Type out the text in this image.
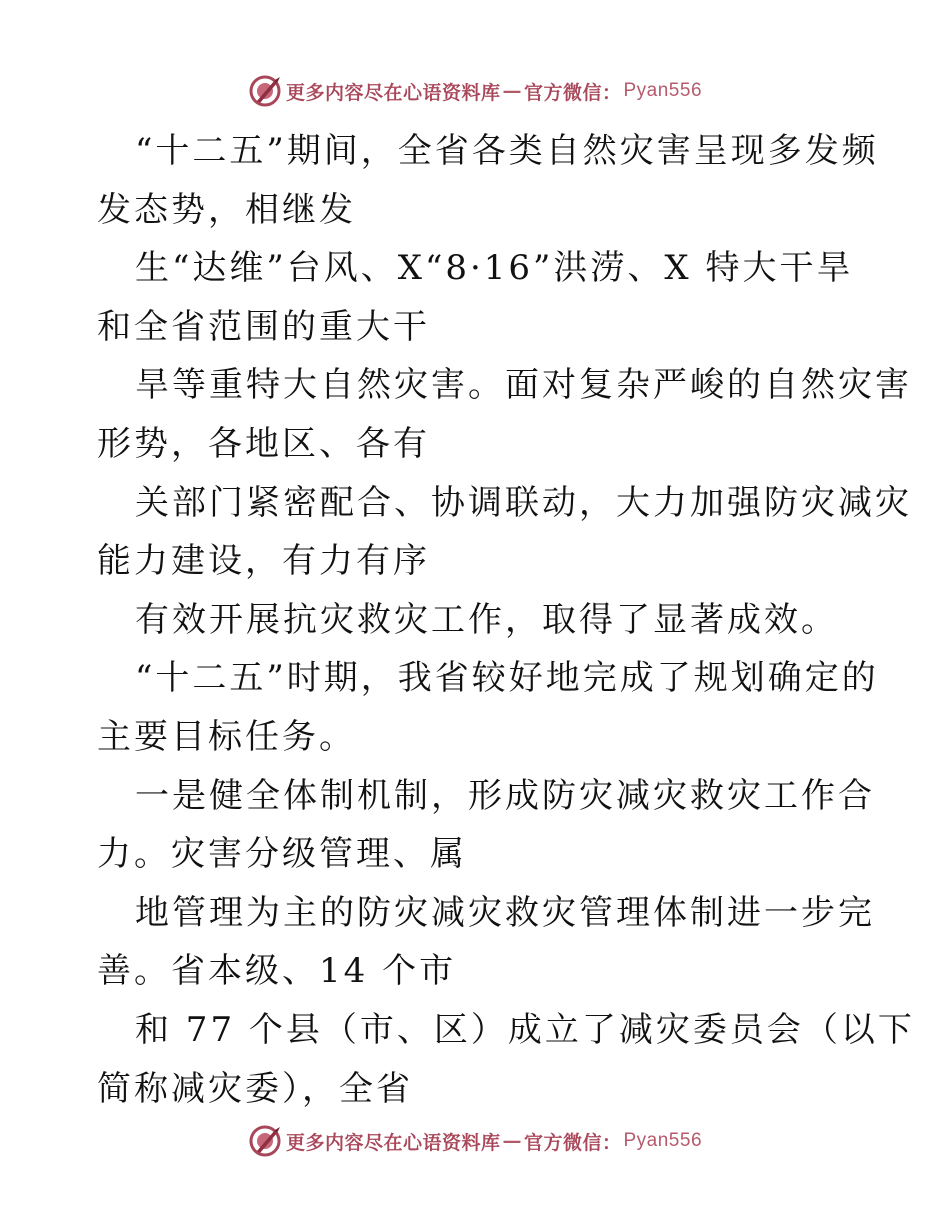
更多内容尽在心语资料库 — 官方微信： Pyan556
“十二五”期间，全省各类自然灾害呈现多发频
发态势，相继发
生“达维”台风、X“8·16”洪涝、X 特大干旱
和全省范围的重大干
旱等重特大自然灾害。面对复杂严峻的自然灾害
形势，各地区、各有
关部门紧密配合、协调联动，大力加强防灾减灾
能力建设，有力有序
有效开展抗灾救灾工作，取得了显著成效。
“十二五”时期，我省较好地完成了规划确定的
主要目标任务。
一是健全体制机制，形成防灾减灾救灾工作合
力。灾害分级管理、属
地管理为主的防灾减灾救灾管理体制进一步完
善。省本级、14 个市
和 77 个县（市、区）成立了减灾委员会（以下
简称减灾委），全省
更多内容尽在心语资料库 — 官方微信： Pyan556
